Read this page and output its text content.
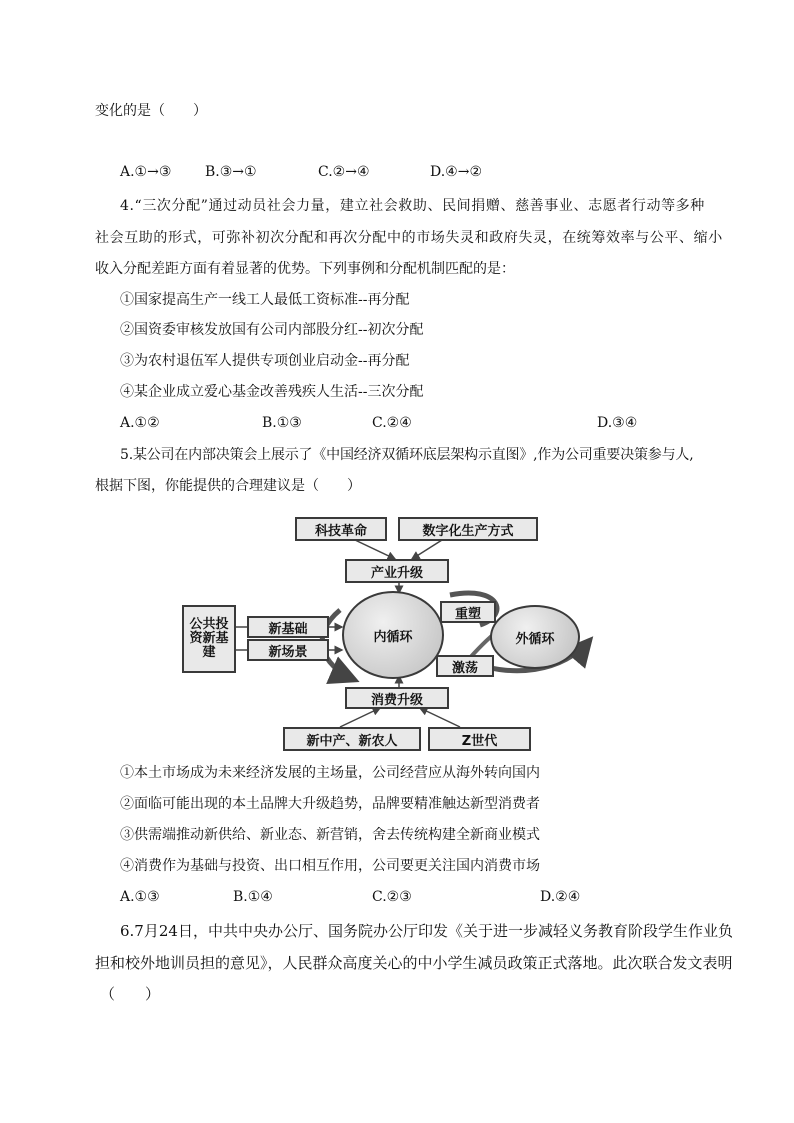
变化的是（　　）
A.①→③ B.③→①	C.②→④	D.④→②
4.“三次分配”通过动员社会力量，建立社会救助、民间捐赠、慈善事业、志愿者行动等多种
社会互助的形式，可弥补初次分配和再次分配中的市场失灵和政府失灵，在统筹效率与公平、缩小
收入分配差距方面有着显著的优势。下列事例和分配机制匹配的是：
①国家提高生产一线工人最低工资标准--再分配
②国资委审核发放国有公司内部股分红--初次分配
③为农村退伍军人提供专项创业启动金--再分配
④某企业成立爱心基金改善残疾人生活--三次分配
A.①②	B.①③	C.②④	D.③④
5.某公司在内部决策会上展示了《中国经济双循环底层架构示直图》,作为公司重要决策参与人,
根据下图，你能提供的合理建议是（　　）
科技革命	数字化生产方式
产业升级
公共投资新基建
新基础
新场景
内循环	外循环
重塑
激荡
消费升级
新中产、新农人	Z世代
①本土市场成为未来经济发展的主场量，公司经营应从海外转向国内
②面临可能出现的本土品牌大升级趋势，品牌要精准触达新型消费者
③供需端推动新供给、新业态、新营销，舍去传统构建全新商业模式
④消费作为基础与投资、出口相互作用，公司要更关注国内消费市场
A.①③	B.①④	C.②③	D.②④
6.7月24日，中共中央办公厅、国务院办公厅印发《关于进一步减轻义务教育阶段学生作业负
担和校外地训员担的意见》，人民群众高度关心的中小学生减员政策正式落地。此次联合发文表明
（　　）
